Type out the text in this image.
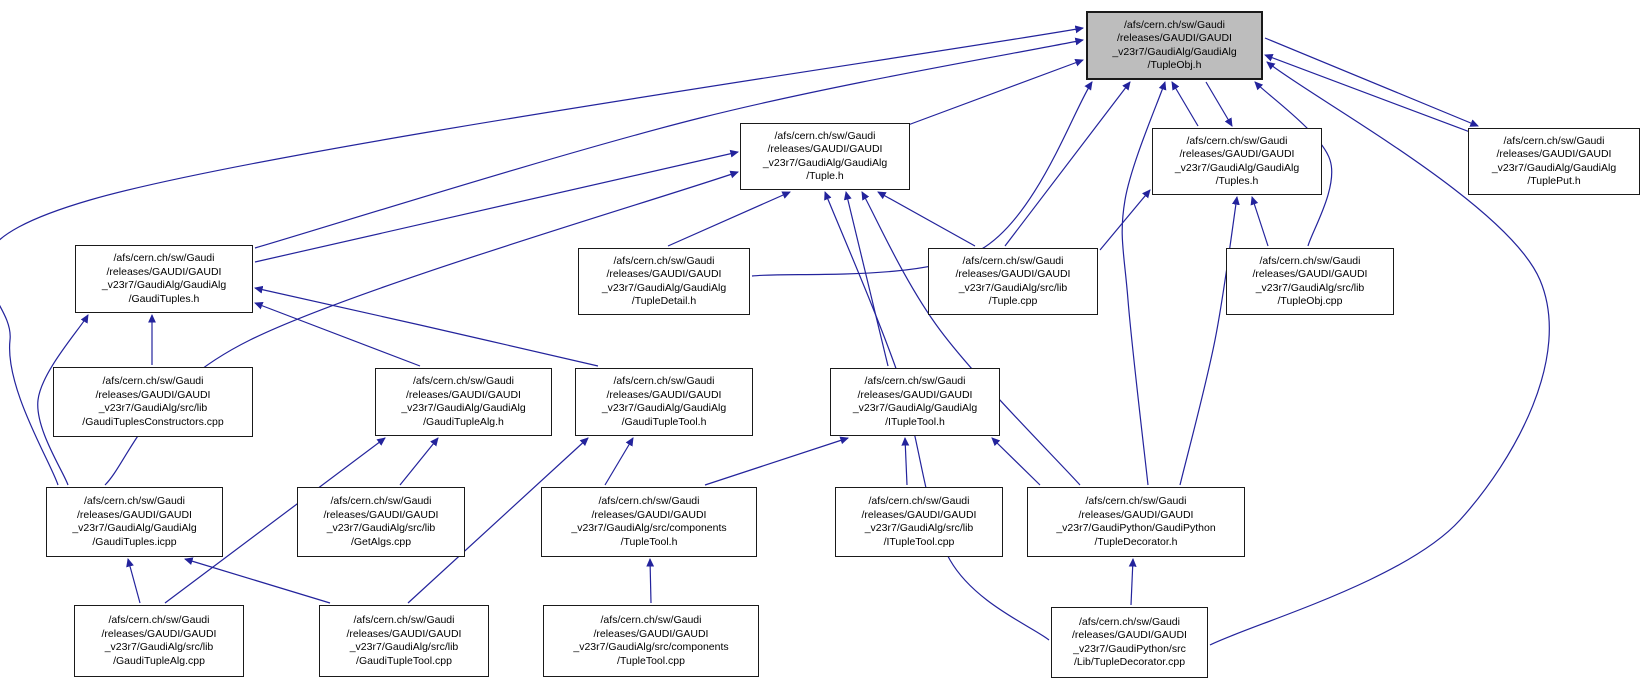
/afs/cern.ch/sw/Gaudi
/releases/GAUDI/GAUDI
_v23r7/GaudiAlg/GaudiAlg
/TupleObj.h
/afs/cern.ch/sw/Gaudi
/releases/GAUDI/GAUDI
_v23r7/GaudiAlg/GaudiAlg
/Tuple.h
/afs/cern.ch/sw/Gaudi
/releases/GAUDI/GAUDI
_v23r7/GaudiAlg/GaudiAlg
/Tuples.h
/afs/cern.ch/sw/Gaudi
/releases/GAUDI/GAUDI
_v23r7/GaudiAlg/GaudiAlg
/TuplePut.h
/afs/cern.ch/sw/Gaudi
/releases/GAUDI/GAUDI
_v23r7/GaudiAlg/GaudiAlg
/GaudiTuples.h
/afs/cern.ch/sw/Gaudi
/releases/GAUDI/GAUDI
_v23r7/GaudiAlg/GaudiAlg
/TupleDetail.h
/afs/cern.ch/sw/Gaudi
/releases/GAUDI/GAUDI
_v23r7/GaudiAlg/src/lib
/Tuple.cpp
/afs/cern.ch/sw/Gaudi
/releases/GAUDI/GAUDI
_v23r7/GaudiAlg/src/lib
/TupleObj.cpp
/afs/cern.ch/sw/Gaudi
/releases/GAUDI/GAUDI
_v23r7/GaudiAlg/src/lib
/GaudiTuplesConstructors.cpp
/afs/cern.ch/sw/Gaudi
/releases/GAUDI/GAUDI
_v23r7/GaudiAlg/GaudiAlg
/GaudiTupleAlg.h
/afs/cern.ch/sw/Gaudi
/releases/GAUDI/GAUDI
_v23r7/GaudiAlg/GaudiAlg
/GaudiTupleTool.h
/afs/cern.ch/sw/Gaudi
/releases/GAUDI/GAUDI
_v23r7/GaudiAlg/GaudiAlg
/ITupleTool.h
/afs/cern.ch/sw/Gaudi
/releases/GAUDI/GAUDI
_v23r7/GaudiAlg/GaudiAlg
/GaudiTuples.icpp
/afs/cern.ch/sw/Gaudi
/releases/GAUDI/GAUDI
_v23r7/GaudiAlg/src/lib
/GetAlgs.cpp
/afs/cern.ch/sw/Gaudi
/releases/GAUDI/GAUDI
_v23r7/GaudiAlg/src/components
/TupleTool.h
/afs/cern.ch/sw/Gaudi
/releases/GAUDI/GAUDI
_v23r7/GaudiAlg/src/lib
/ITupleTool.cpp
/afs/cern.ch/sw/Gaudi
/releases/GAUDI/GAUDI
_v23r7/GaudiPython/GaudiPython
/TupleDecorator.h
/afs/cern.ch/sw/Gaudi
/releases/GAUDI/GAUDI
_v23r7/GaudiAlg/src/lib
/GaudiTupleAlg.cpp
/afs/cern.ch/sw/Gaudi
/releases/GAUDI/GAUDI
_v23r7/GaudiAlg/src/lib
/GaudiTupleTool.cpp
/afs/cern.ch/sw/Gaudi
/releases/GAUDI/GAUDI
_v23r7/GaudiAlg/src/components
/TupleTool.cpp
/afs/cern.ch/sw/Gaudi
/releases/GAUDI/GAUDI
_v23r7/GaudiPython/src
/Lib/TupleDecorator.cpp
